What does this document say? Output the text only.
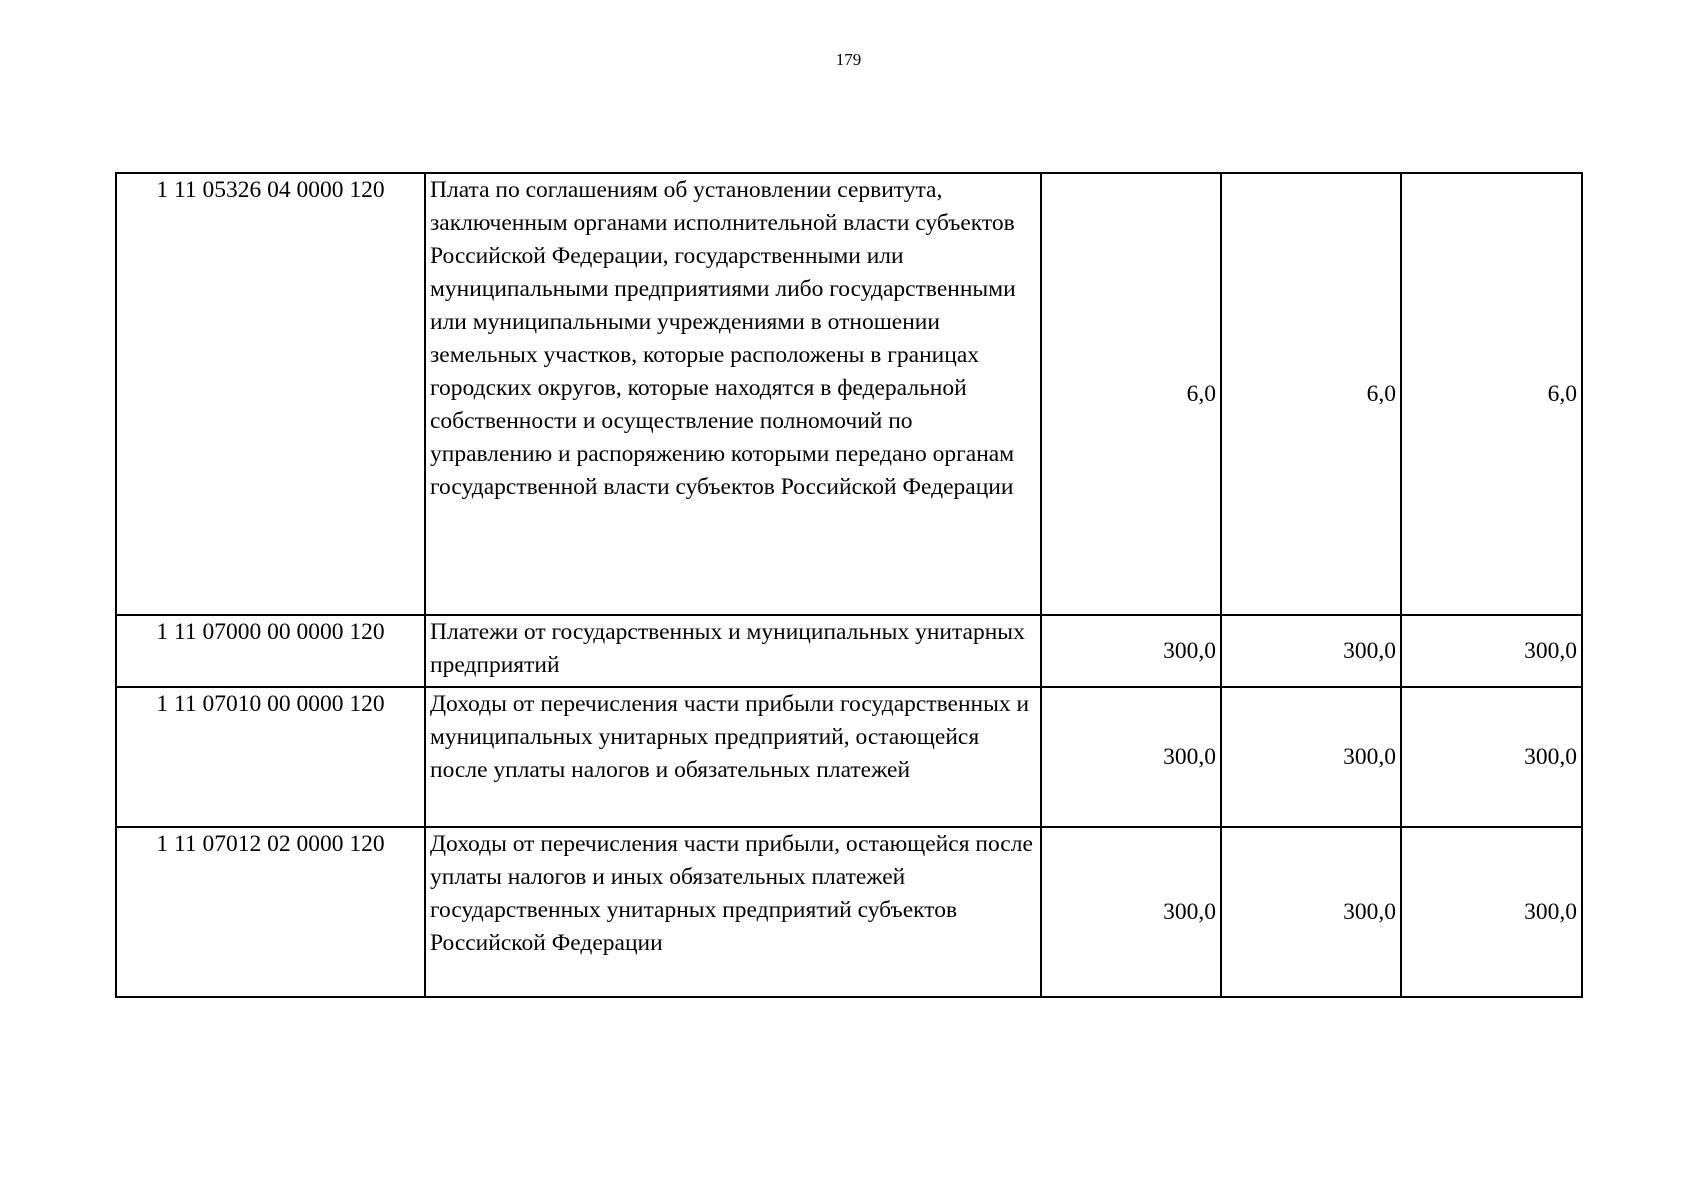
179
1 11 05326 04 0000 120	Плата по соглашениям об установлении сервитута, заключенным органами исполнительной власти субъектов Российской Федерации, государственными или муниципальными предприятиями либо государственными или муниципальными учреждениями в отношении земельных участков, которые расположены в границах городских округов, которые находятся в федеральной собственности и осуществление полномочий по управлению и распоряжению которыми передано органам государственной власти субъектов Российской Федерации	6,0	6,0	6,0
1 11 07000 00 0000 120	Платежи от государственных и муниципальных унитарных предприятий	300,0	300,0	300,0
1 11 07010 00 0000 120	Доходы от перечисления части прибыли государственных и муниципальных унитарных предприятий, остающейся после уплаты налогов и обязательных платежей	300,0	300,0	300,0
1 11 07012 02 0000 120	Доходы от перечисления части прибыли, остающейся после уплаты налогов и иных обязательных платежей государственных унитарных предприятий субъектов Российской Федерации	300,0	300,0	300,0
